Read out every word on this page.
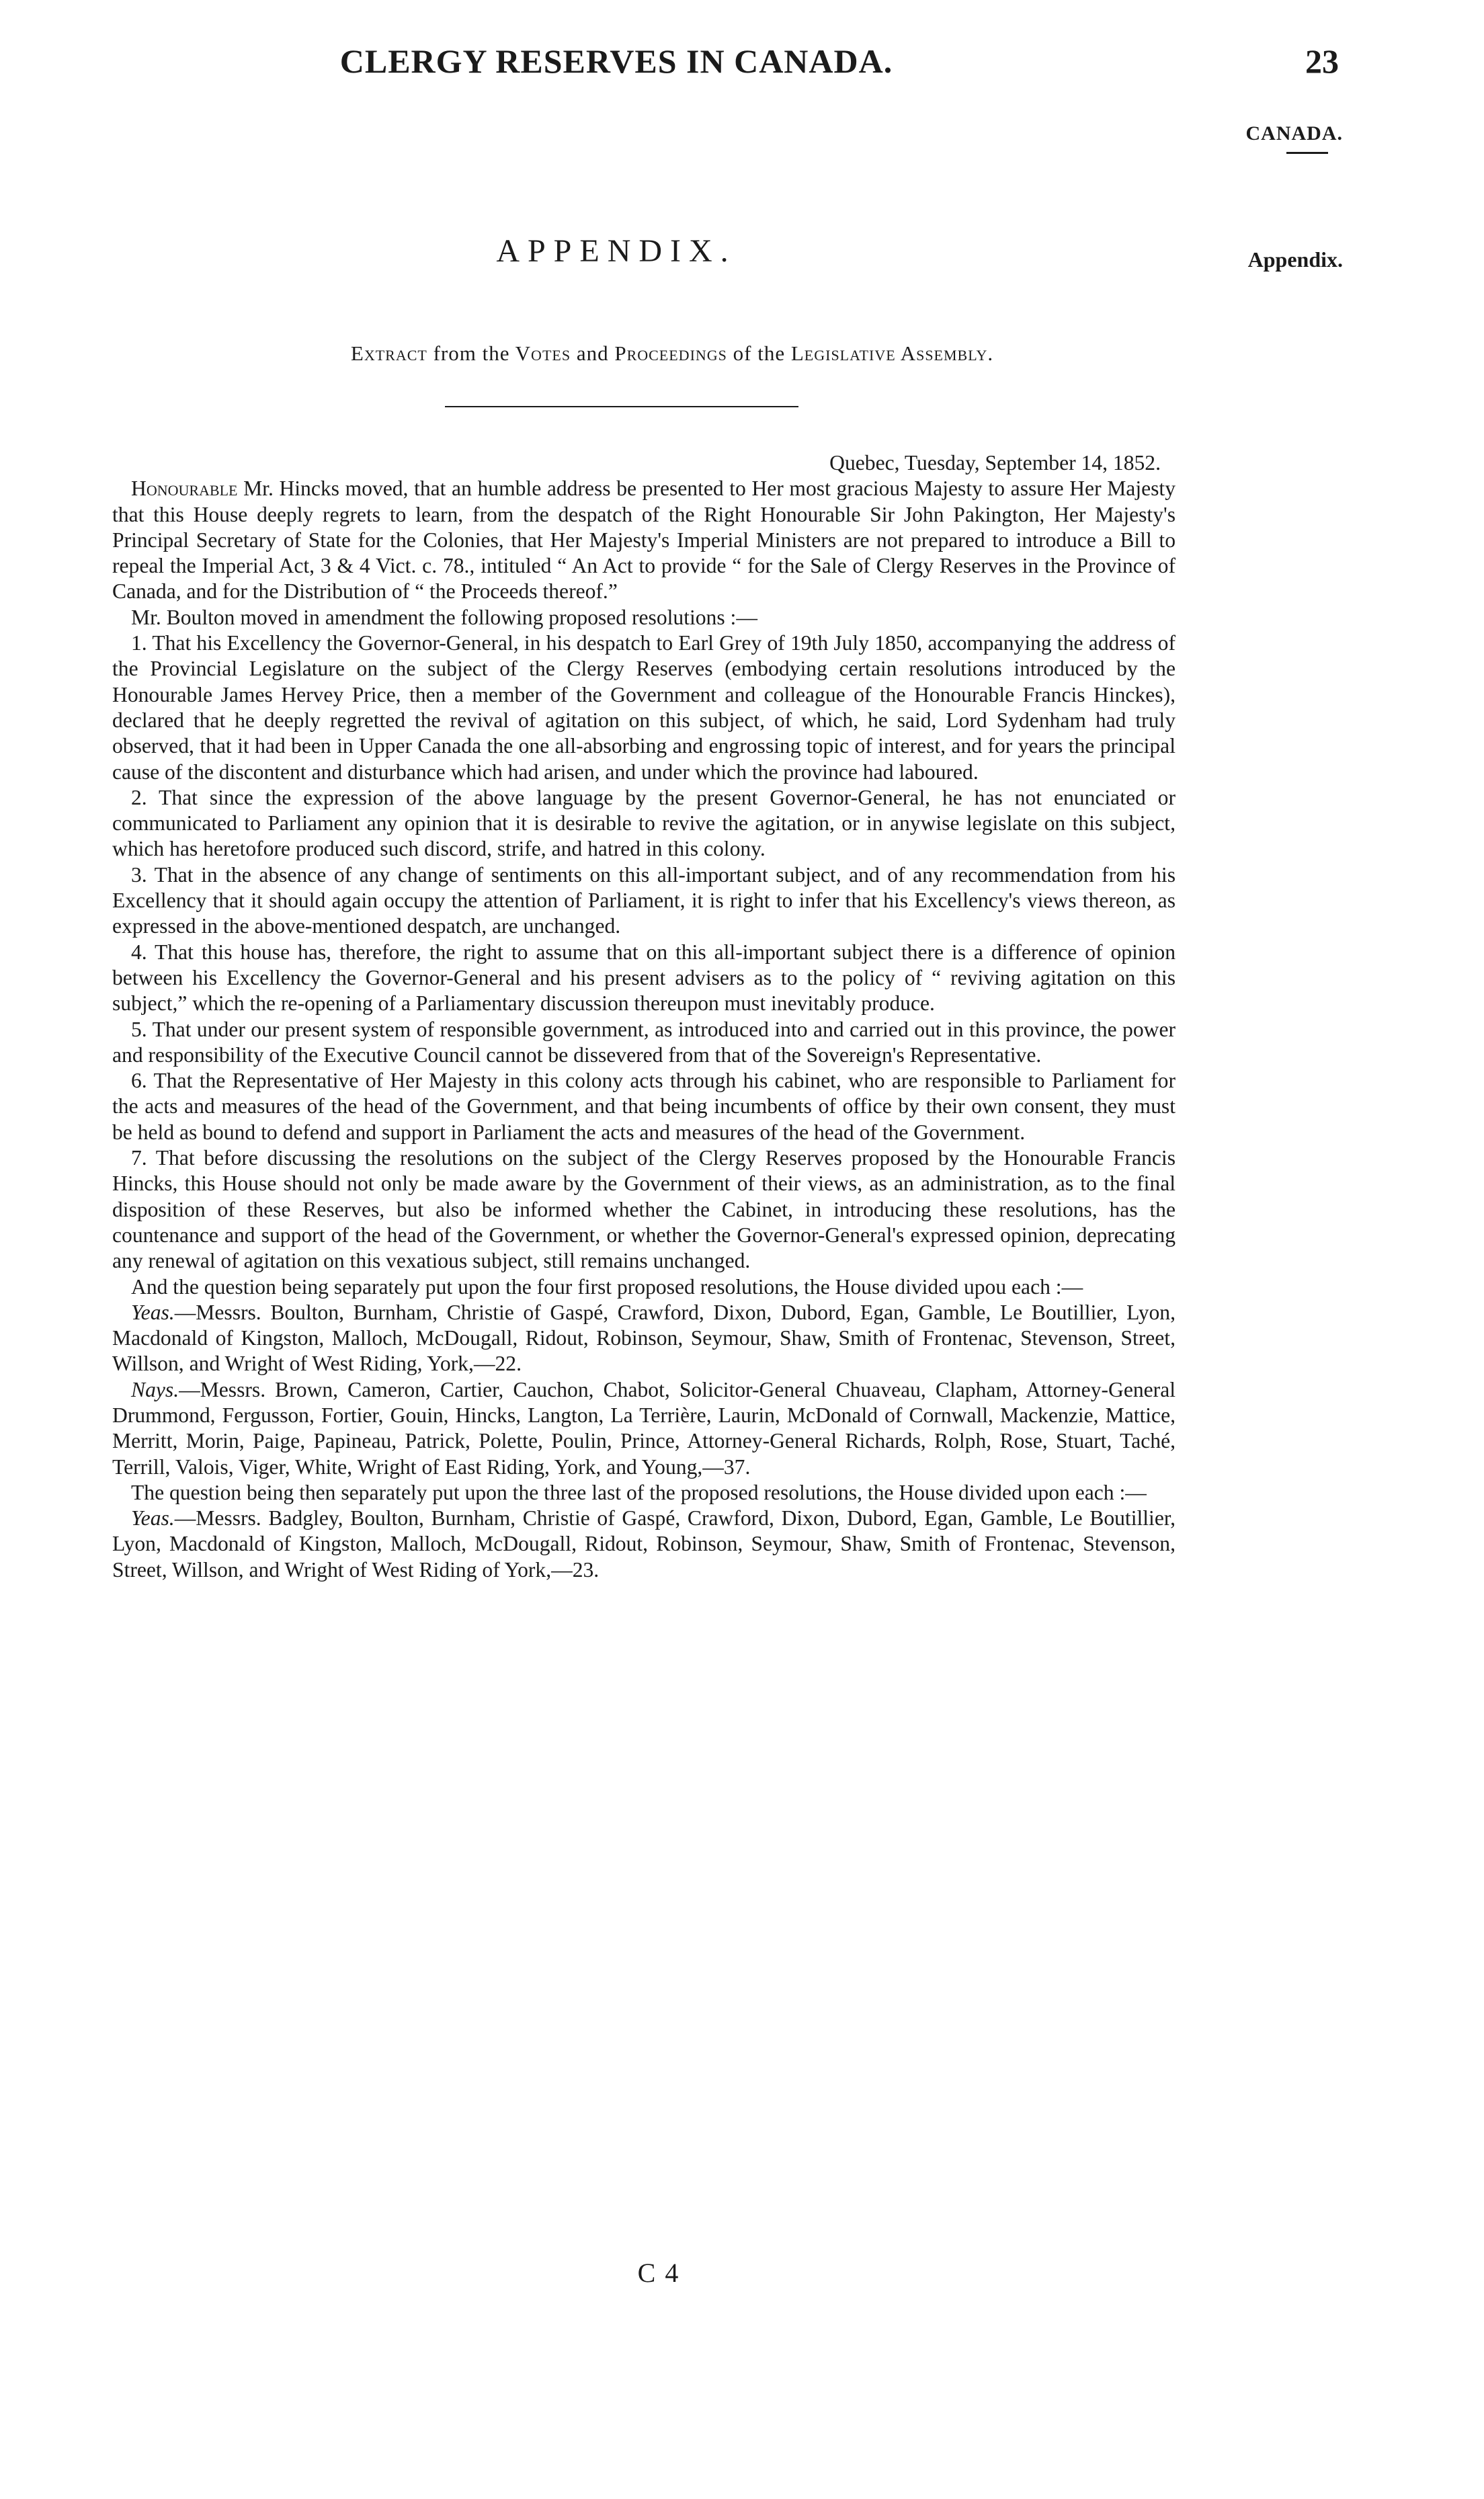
CLERGY RESERVES IN CANADA.	23
CANADA.
Appendix.
APPENDIX.
Extract from the Votes and Proceedings of the Legislative Assembly.

Quebec, Tuesday, September 14, 1852.

Honourable Mr. Hincks moved, that an humble address be presented to Her most gracious Majesty to assure Her Majesty that this House deeply regrets to learn, from the despatch of the Right Honourable Sir John Pakington, Her Majesty's Principal Secretary of State for the Colonies, that Her Majesty's Imperial Ministers are not prepared to introduce a Bill to repeal the Imperial Act, 3 & 4 Vict. c. 78., intituled “ An Act to provide “ for the Sale of Clergy Reserves in the Province of Canada, and for the Distribution of “ the Proceeds thereof.”

Mr. Boulton moved in amendment the following proposed resolutions :—

1. That his Excellency the Governor-General, in his despatch to Earl Grey of 19th July 1850, accompanying the address of the Provincial Legislature on the subject of the Clergy Reserves (embodying certain resolutions introduced by the Honourable James Hervey Price, then a member of the Government and colleague of the Honourable Francis Hinckes), declared that he deeply regretted the revival of agitation on this subject, of which, he said, Lord Sydenham had truly observed, that it had been in Upper Canada the one all-absorbing and engrossing topic of interest, and for years the principal cause of the discontent and disturbance which had arisen, and under which the province had laboured.

2. That since the expression of the above language by the present Governor-General, he has not enunciated or communicated to Parliament any opinion that it is desirable to revive the agitation, or in anywise legislate on this subject, which has heretofore produced such discord, strife, and hatred in this colony.

3. That in the absence of any change of sentiments on this all-important subject, and of any recommendation from his Excellency that it should again occupy the attention of Parliament, it is right to infer that his Excellency's views thereon, as expressed in the above-mentioned despatch, are unchanged.

4. That this house has, therefore, the right to assume that on this all-important subject there is a difference of opinion between his Excellency the Governor-General and his present advisers as to the policy of “ reviving agitation on this subject,” which the re-opening of a Parliamentary discussion thereupon must inevitably produce.

5. That under our present system of responsible government, as introduced into and carried out in this province, the power and responsibility of the Executive Council cannot be dissevered from that of the Sovereign's Representative.

6. That the Representative of Her Majesty in this colony acts through his cabinet, who are responsible to Parliament for the acts and measures of the head of the Government, and that being incumbents of office by their own consent, they must be held as bound to defend and support in Parliament the acts and measures of the head of the Government.

7. That before discussing the resolutions on the subject of the Clergy Reserves proposed by the Honourable Francis Hincks, this House should not only be made aware by the Government of their views, as an administration, as to the final disposition of these Reserves, but also be informed whether the Cabinet, in introducing these resolutions, has the countenance and support of the head of the Government, or whether the Governor-General's expressed opinion, deprecating any renewal of agitation on this vexatious subject, still remains unchanged.

And the question being separately put upon the four first proposed resolutions, the House divided upou each :—

Yeas.—Messrs. Boulton, Burnham, Christie of Gaspé, Crawford, Dixon, Dubord, Egan, Gamble, Le Boutillier, Lyon, Macdonald of Kingston, Malloch, McDougall, Ridout, Robinson, Seymour, Shaw, Smith of Frontenac, Stevenson, Street, Willson, and Wright of West Riding, York,—22.

Nays.—Messrs. Brown, Cameron, Cartier, Cauchon, Chabot, Solicitor-General Chuaveau, Clapham, Attorney-General Drummond, Fergusson, Fortier, Gouin, Hincks, Langton, La Terrière, Laurin, McDonald of Cornwall, Mackenzie, Mattice, Merritt, Morin, Paige, Papineau, Patrick, Polette, Poulin, Prince, Attorney-General Richards, Rolph, Rose, Stuart, Taché, Terrill, Valois, Viger, White, Wright of East Riding, York, and Young,—37.

The question being then separately put upon the three last of the proposed resolutions, the House divided upon each :—

Yeas.—Messrs. Badgley, Boulton, Burnham, Christie of Gaspé, Crawford, Dixon, Dubord, Egan, Gamble, Le Boutillier, Lyon, Macdonald of Kingston, Malloch, McDougall, Ridout, Robinson, Seymour, Shaw, Smith of Frontenac, Stevenson, Street, Willson, and Wright of West Riding of York,—23.

C 4
